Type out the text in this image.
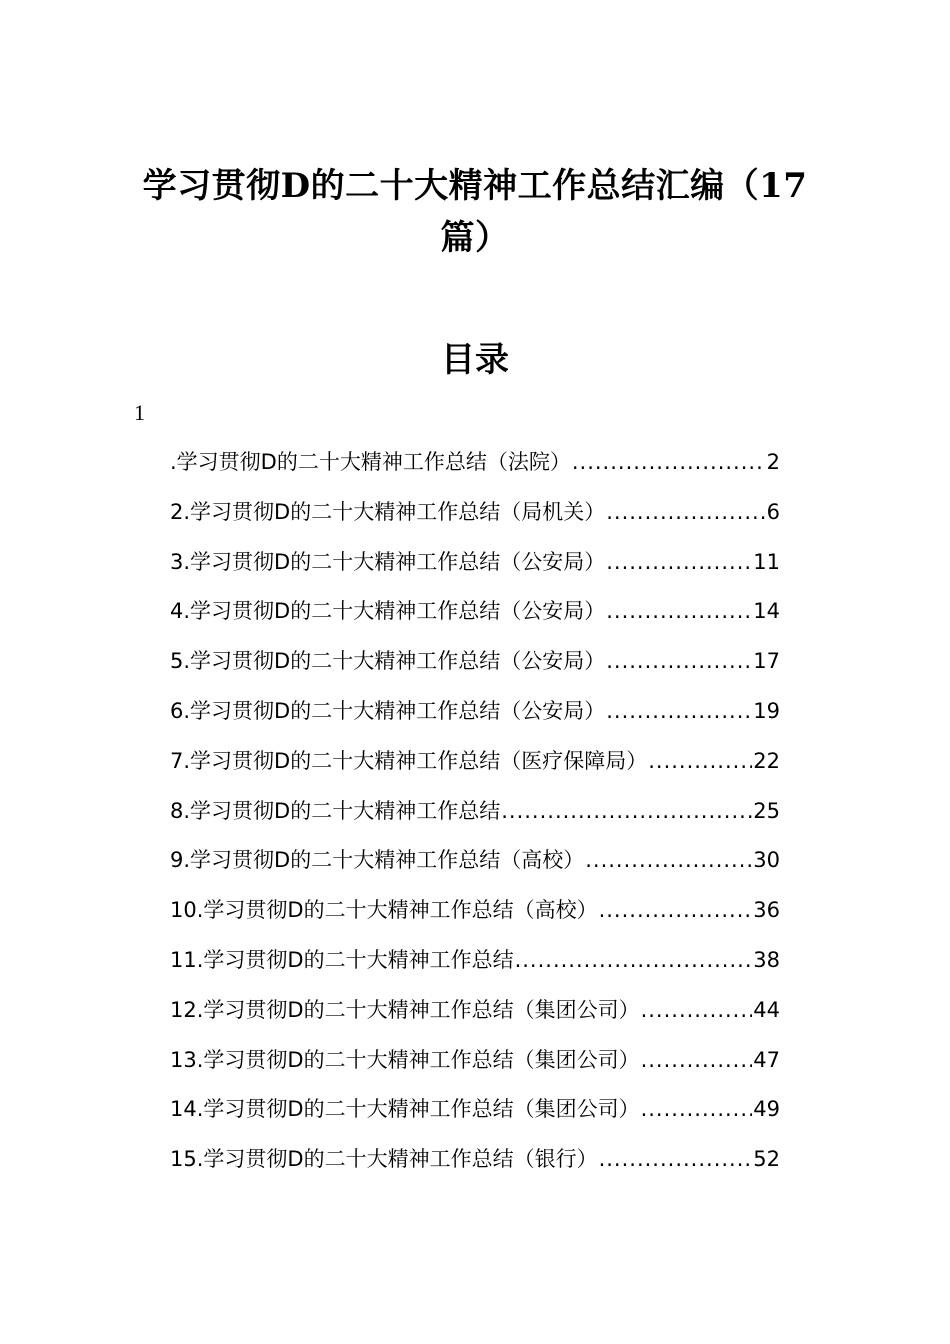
学习贯彻D的二十大精神工作总结汇编（17
篇）
目录
1
.学习贯彻D的二十大精神工作总结（法院） .....	2
2.学习贯彻D的二十大精神工作总结（局机关） .....	6
3.学习贯彻D的二十大精神工作总结（公安局） .....	11
4.学习贯彻D的二十大精神工作总结（公安局） .....	14
5.学习贯彻D的二十大精神工作总结（公安局） .....	17
6.学习贯彻D的二十大精神工作总结（公安局） .....	19
7.学习贯彻D的二十大精神工作总结（医疗保障局） .....	22
8.学习贯彻D的二十大精神工作总结 .....	25
9.学习贯彻D的二十大精神工作总结（高校） .....	30
10.学习贯彻D的二十大精神工作总结（高校） .....	36
11.学习贯彻D的二十大精神工作总结 .....	38
12.学习贯彻D的二十大精神工作总结（集团公司） .....	44
13.学习贯彻D的二十大精神工作总结（集团公司） .....	47
14.学习贯彻D的二十大精神工作总结（集团公司） .....	49
15.学习贯彻D的二十大精神工作总结（银行） .....	52
